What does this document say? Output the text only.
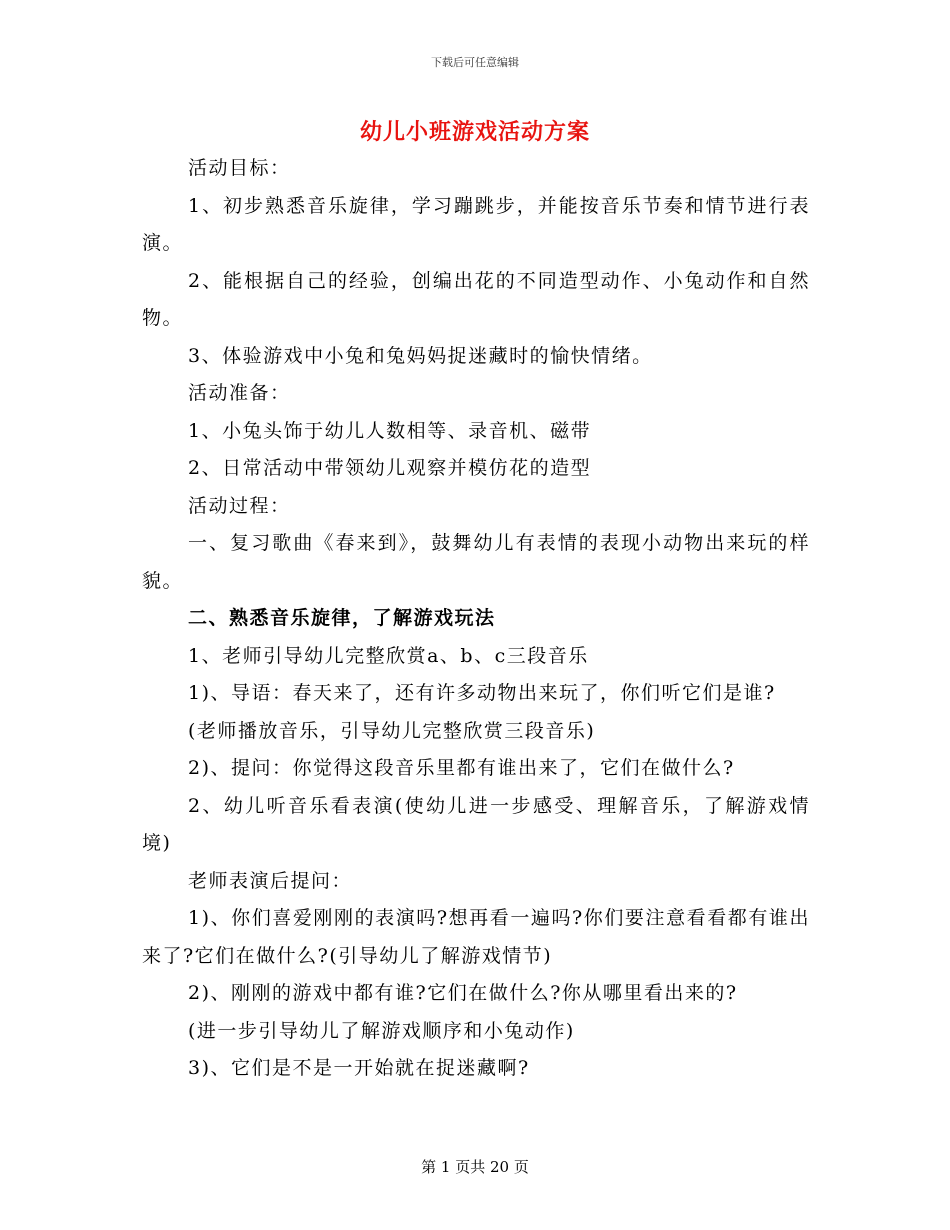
下载后可任意编辑
幼儿小班游戏活动方案

活动目标：

1、初步熟悉音乐旋律，学习蹦跳步，并能按音乐节奏和情节进行表演。

2、能根据自己的经验，创编出花的不同造型动作、小兔动作和自然物。

3、体验游戏中小兔和兔妈妈捉迷藏时的愉快情绪。

活动准备：

1、小兔头饰于幼儿人数相等、录音机、磁带

2、日常活动中带领幼儿观察并模仿花的造型

活动过程：

一、复习歌曲《春来到》，鼓舞幼儿有表情的表现小动物出来玩的样貌。

二、熟悉音乐旋律，了解游戏玩法

1、老师引导幼儿完整欣赏a、b、c三段音乐

1)、导语：春天来了，还有许多动物出来玩了，你们听它们是谁?

(老师播放音乐，引导幼儿完整欣赏三段音乐)

2)、提问：你觉得这段音乐里都有谁出来了，它们在做什么?

2、幼儿听音乐看表演(使幼儿进一步感受、理解音乐，了解游戏情境)

老师表演后提问：

1)、你们喜爱刚刚的表演吗?想再看一遍吗?你们要注意看看都有谁出来了?它们在做什么?(引导幼儿了解游戏情节)

2)、刚刚的游戏中都有谁?它们在做什么?你从哪里看出来的?

(进一步引导幼儿了解游戏顺序和小兔动作)

3)、它们是不是一开始就在捉迷藏啊?

第 1 页共 20 页
